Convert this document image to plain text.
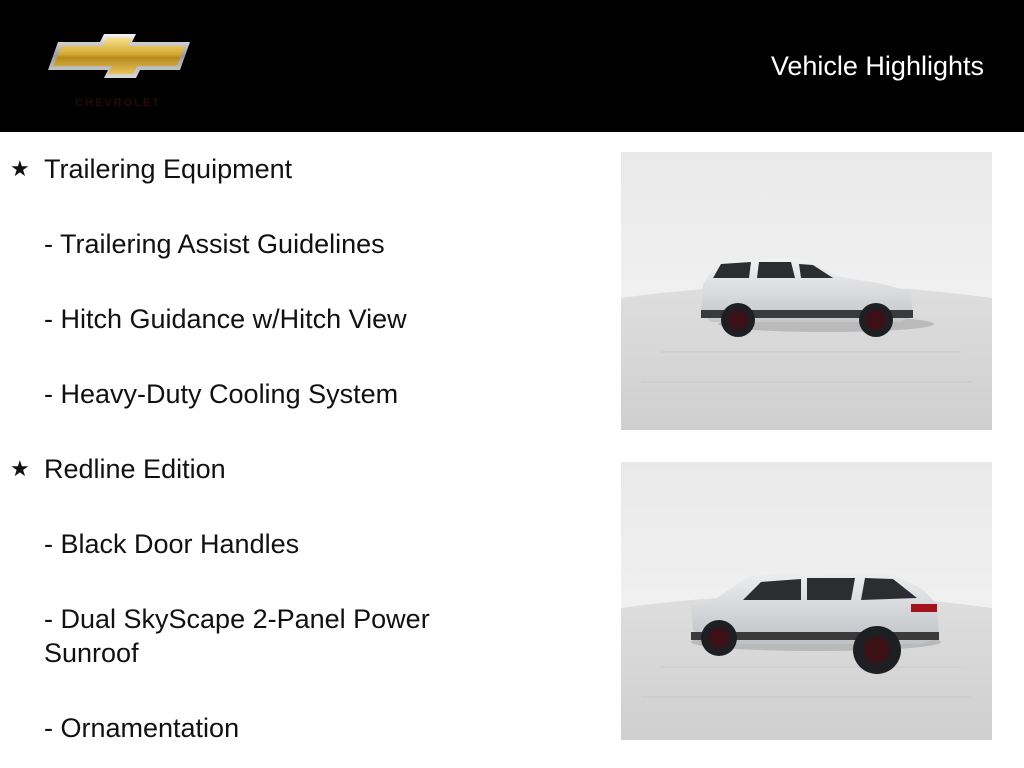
CHEVROLET
Vehicle Highlights
★ Trailering Equipment
- Trailering Assist Guidelines
- Hitch Guidance w/Hitch View
- Heavy-Duty Cooling System
★ Redline Edition
- Black Door Handles
- Dual SkyScape 2-Panel Power Sunroof
- Ornamentation
